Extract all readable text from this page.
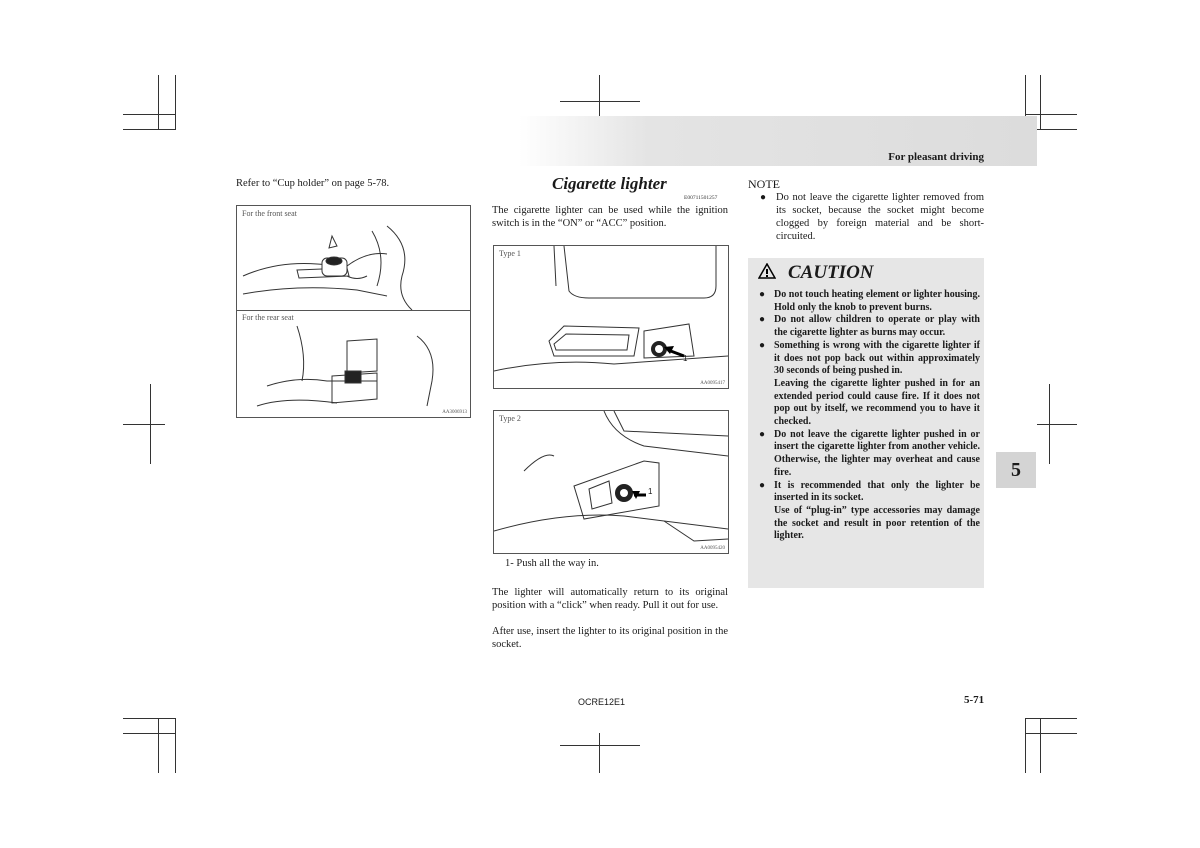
For pleasant driving
Refer to “Cup holder” on page 5-78.
For the front seat
For the rear seat
AA3006913
Cigarette lighter
E00711501257
The cigarette lighter can be used while the ignition switch is in the “ON” or “ACC” position.
Type 1
1
AA0095417
Type 2
1
AA0095420
1- Push all the way in.
The lighter will automatically return to its original position with a “click” when ready. Pull it out for use.
After use, insert the lighter to its original position in the socket.
NOTE
● Do not leave the cigarette lighter removed from its socket, because the socket might become clogged by foreign material and be short-circuited.
CAUTION
● Do not touch heating element or lighter housing. Hold only the knob to prevent burns.
● Do not allow children to operate or play with the cigarette lighter as burns may occur.
● Something is wrong with the cigarette lighter if it does not pop back out within approximately 30 seconds of being pushed in.
Leaving the cigarette lighter pushed in for an extended period could cause fire. If it does not pop out by itself, we recommend you to have it checked.
● Do not leave the cigarette lighter pushed in or insert the cigarette lighter from another vehicle. Otherwise, the lighter may overheat and cause fire.
● It is recommended that only the lighter be inserted in its socket.
Use of “plug-in” type accessories may damage the socket and result in poor retention of the lighter.
5
OCRE12E1	5-71
